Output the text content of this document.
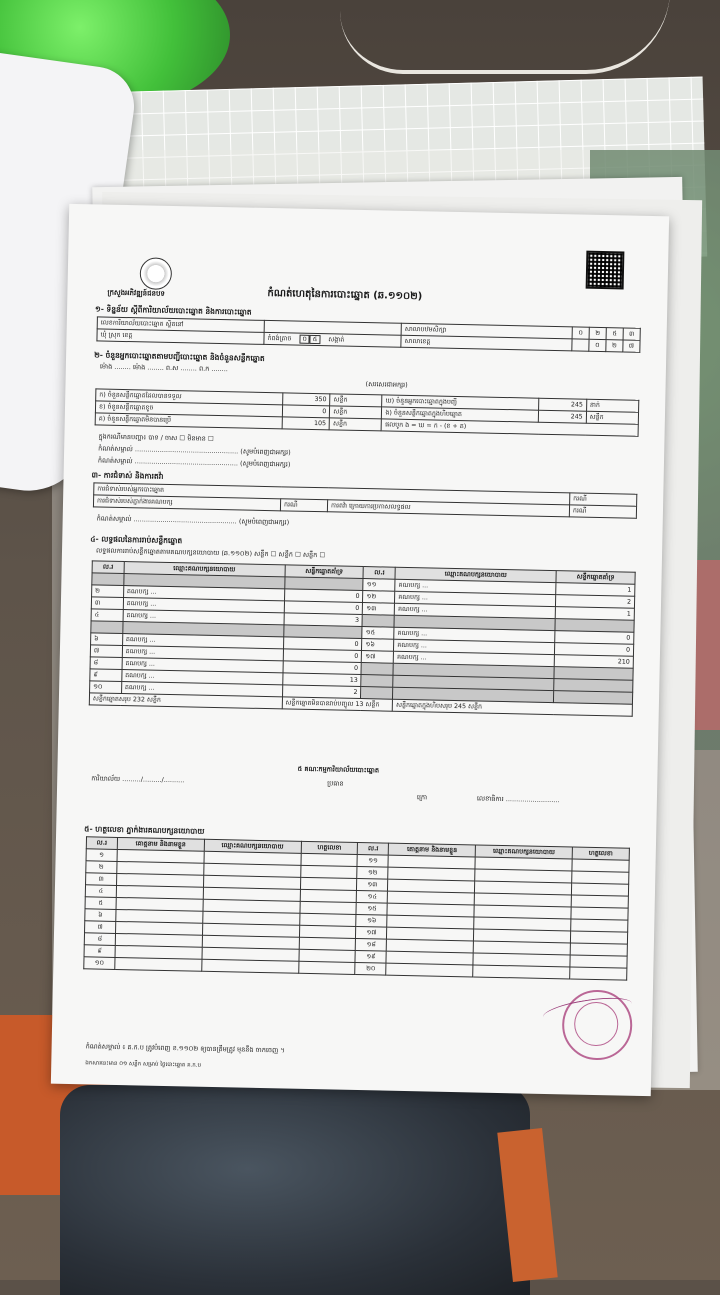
ក្រសួងអភិវឌ្ឍន៍ជនបទ	កំណត់ហេតុនៃការបោះឆ្នោត (ឆ.១១០២)
១- ទិន្នន័យ ស្តីពីការិយាល័យបោះឆ្នោត និងការបោះឆ្នោត
លេខការិយាល័យបោះឆ្នោត ស្ថិតនៅ		សាលាបឋមសិក្សា	០	២	៥	៣
ឃុំ ស្រុក ខេត្ត	កំពង់ត្រាច ០ ៥ សង្កាត់	សាលាខេត្ត		០	២	៧
២- ចំនួនអ្នកបោះឆ្នោតតាមបញ្ជីបោះឆ្នោត និងចំនួនសន្លឹកឆ្នោត
ម៉ោង ........ ម៉ោង ........ ព.ស ........ ព.ក ........
(សរសេរជាអក្សរ)
ក) ចំនួនសន្លឹកឆ្នោតដែលបានទទួល	350	សន្លឹក	ឃ) ចំនួនអ្នកបោះឆ្នោតក្នុងបញ្ជី	245	នាក់
ខ) ចំនួនសន្លឹកឆ្នោតខូច	0	សន្លឹក	ង) ចំនួនសន្លឹកឆ្នោតក្នុងហិបឆ្នោត	245	សន្លឹក
គ) ចំនួនសន្លឹកឆ្នោតមិនបានប្រើ	105	សន្លឹក	ផលបូក ង = ឃ = ក - (ខ + គ)		
ក្នុងករណីមានបញ្ហា៖ បាទ / ចាស ☐ មិនមាន ☐
កំណត់សម្គាល់ .................................................. (សូមបំពេញជាអក្សរ)
កំណត់សម្គាល់ .................................................. (សូមបំពេញជាអក្សរ)
៣- ការជំទាស់ និងការតវ៉ា
ការជំទាស់របស់អ្នកបោះឆ្នោត			ករណី
ការជំទាស់របស់ភ្នាក់ងារគណបក្ស	ករណី	ការតវ៉ា ក្រោយការប្រកាសលទ្ធផល	ករណី
កំណត់សម្គាល់ .................................................. (សូមបំពេញជាអក្សរ)
៤- លទ្ធផលនៃការរាប់សន្លឹកឆ្នោត
លទ្ធផលការរាប់សន្លឹកឆ្នោតតាមគណបក្សនយោបាយ (ឆ.១១០២) សន្លឹក ☐ សន្លឹក ☐ សន្លឹក ☐
ល.រ	ឈ្មោះគណបក្សនយោបាយ	សន្លឹកឆ្នោតគាំទ្រ	ល.រ	ឈ្មោះគណបក្សនយោបាយ	សន្លឹកឆ្នោតគាំទ្រ
			១១	គណបក្ស ...	1
២	គណបក្ស ...	0	១២	គណបក្ស ...	2
៣	គណបក្ស ...	0	១៣	គណបក្ស ...	1
៤	គណបក្ស ...	3			
			១៥	គណបក្ស ...	0
៦	គណបក្ស ...	0	១៦	គណបក្ស ...	0
៧	គណបក្ស ...	0	១៧	គណបក្ស ...	210
៨	គណបក្ស ...	0			
៩	គណបក្ស ...	13			
១០	គណបក្ស ...	2			
សន្លឹកឆ្នោតសរុប 232 សន្លឹក		សន្លឹកឆ្នោតមិនបានរាប់បញ្ចូល 13 សន្លឹក		សន្លឹកឆ្នោតក្នុងហិបសរុប 245 សន្លឹក	
៥ គណៈកម្មការិយាល័យបោះឆ្នោត
ការិយាល័យ ........./........./..........	ប្រធាន
ក្រោ	លេខាធិការ ..........................
៥- ហត្ថលេខា ភ្នាក់ងារគណបក្សនយោបាយ
ល.រ	គោត្តនាម និងនាមខ្លួន	ឈ្មោះគណបក្សនយោបាយ	ហត្ថលេខា	ល.រ	គោត្តនាម និងនាមខ្លួន	ឈ្មោះគណបក្សនយោបាយ	ហត្ថលេខា
១				១១			
២				១២			
៣				១៣			
៤				១៤			
៥				១៥			
៦				១៦			
៧				១៧			
៨				១៨			
៩				១៩			
១០				២០			
កំណត់សម្គាល់ ៖ គ.ក.ប ត្រូវបំពេញ ខ.១១០២ ឲ្យបានត្រឹមត្រូវ មុននឹង ចាកចេញ ។
ឯកសារនេះមាន ០១ សន្លឹក សម្រាប់ ថ្ងៃបោះឆ្នោត គ.ក.ប
